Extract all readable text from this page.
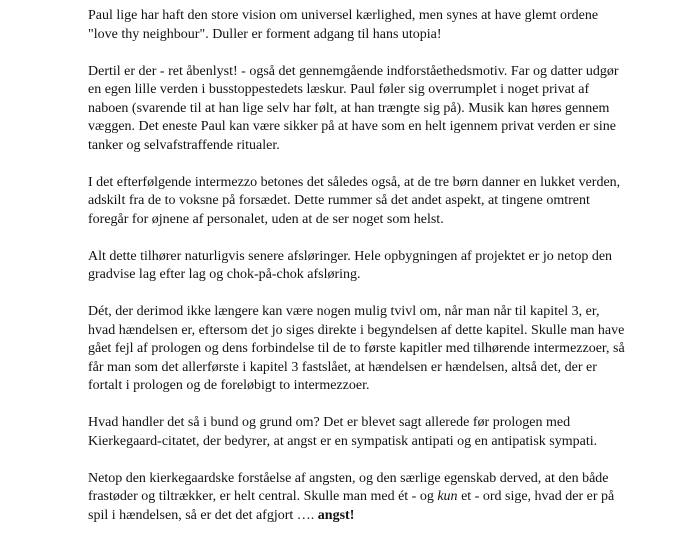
Paul lige har haft den store vision om universel kærlighed, men synes at have glemt ordene
"love thy neighbour". Duller er forment adgang til hans utopia!

Dertil er der - ret åbenlyst! - også det gennemgående indforståethedsmotiv. Far og datter udgør
en egen lille verden i busstoppestedets læskur. Paul føler sig overrumplet i noget privat af
naboen (svarende til at han lige selv har følt, at han trængte sig på). Musik kan høres gennem
væggen. Det eneste Paul kan være sikker på at have som en helt igennem privat verden er sine
tanker og selvafstraffende ritualer.

I det efterfølgende intermezzo betones det således også, at de tre børn danner en lukket verden,
adskilt fra de to voksne på forsædet. Dette rummer så det andet aspekt, at tingene omtrent
foregår for øjnene af personalet, uden at de ser noget som helst.

Alt dette tilhører naturligvis senere afsløringer. Hele opbygningen af projektet er jo netop den
gradvise lag efter lag og chok-på-chok afsløring.

Dét, der derimod ikke længere kan være nogen mulig tvivl om, når man når til kapitel 3, er,
hvad hændelsen er, eftersom det jo siges direkte i begyndelsen af dette kapitel. Skulle man have
gået fejl af prologen og dens forbindelse til de to første kapitler med tilhørende intermezzoer, så
får man som det allerførste i kapitel 3 fastslået, at hændelsen er hændelsen, altså det, der er
fortalt i prologen og de foreløbigt to intermezzoer.

Hvad handler det så i bund og grund om? Det er blevet sagt allerede før prologen med
Kierkegaard-citatet, der bedyrer, at angst er en sympatisk antipati og en antipatisk sympati.

Netop den kierkegaardske forståelse af angsten, og den særlige egenskab derved, at den både
frastøder og tiltrækker, er helt central. Skulle man med ét - og kun et - ord sige, hvad der er på
spil i hændelsen, så er det det afgjort …. angst!
